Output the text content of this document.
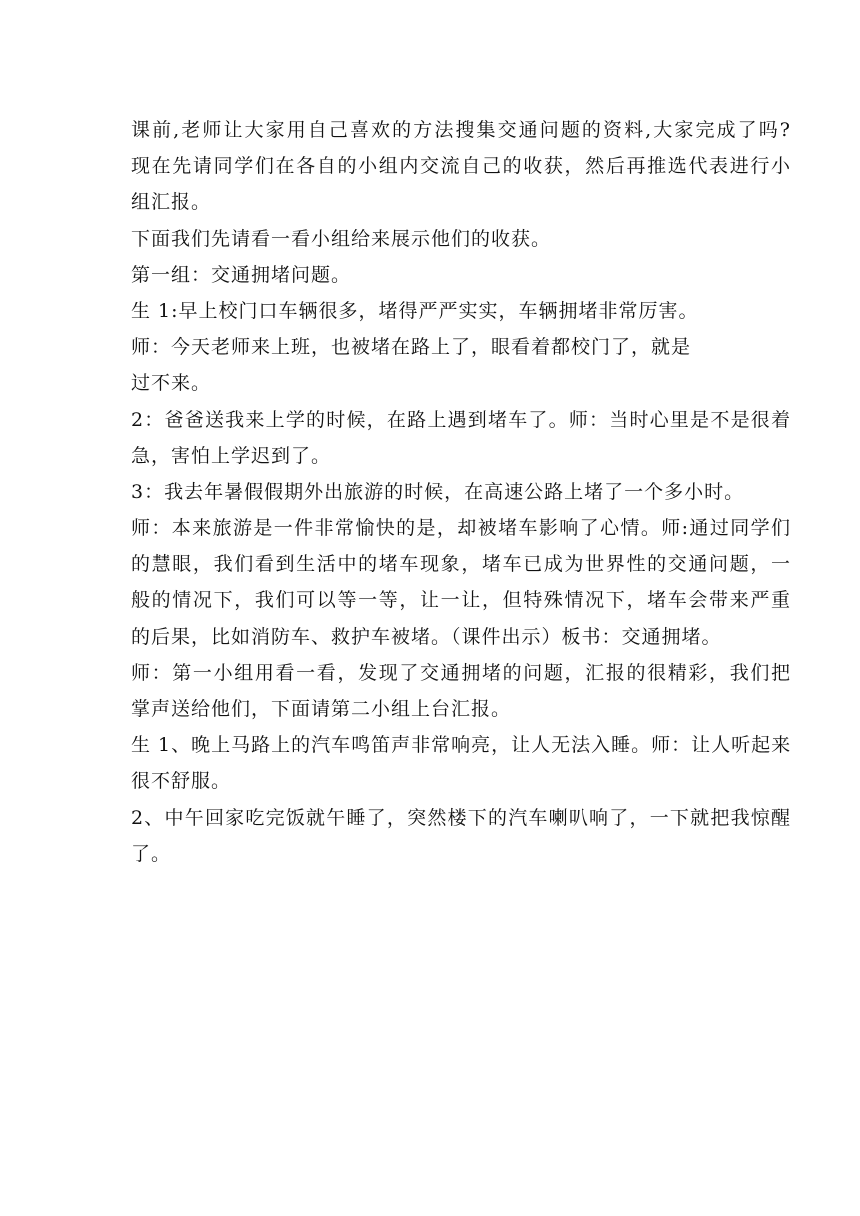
课前,老师让大家用自己喜欢的方法搜集交通问题的资料,大家完成了吗?
现在先请同学们在各自的小组内交流自己的收获，然后再推选代表进行小
组汇报。
下面我们先请看一看小组给来展示他们的收获。
第一组：交通拥堵问题。
生 1:早上校门口车辆很多，堵得严严实实，车辆拥堵非常厉害。
师：今天老师来上班，也被堵在路上了，眼看着都校门了，就是
过不来。
2：爸爸送我来上学的时候，在路上遇到堵车了。师：当时心里是不是很着
急，害怕上学迟到了。
3：我去年暑假假期外出旅游的时候，在高速公路上堵了一个多小时。
师：本来旅游是一件非常愉快的是，却被堵车影响了心情。师:通过同学们
的慧眼，我们看到生活中的堵车现象，堵车已成为世界性的交通问题，一
般的情况下，我们可以等一等，让一让，但特殊情况下，堵车会带来严重
的后果，比如消防车、救护车被堵。（课件出示）板书：交通拥堵。
师：第一小组用看一看，发现了交通拥堵的问题，汇报的很精彩，我们把
掌声送给他们，下面请第二小组上台汇报。
生 1、晚上马路上的汽车鸣笛声非常响亮，让人无法入睡。师：让人听起来
很不舒服。
2、中午回家吃完饭就午睡了，突然楼下的汽车喇叭响了，一下就把我惊醒
了。
